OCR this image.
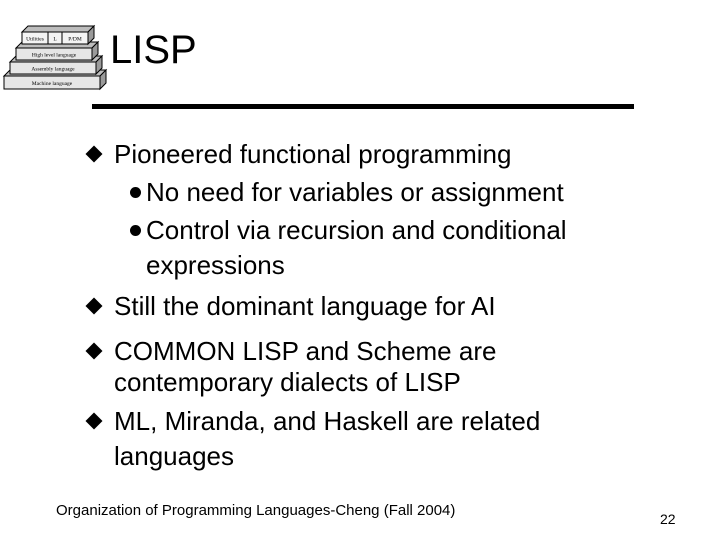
Utilities L P/DM
High level language
Assembly language
Machine language
LISP
Pioneered functional programming
No need for variables or assignment
Control via recursion and conditional
expressions
Still the dominant language for AI
COMMON LISP and Scheme are
contemporary dialects of LISP
ML, Miranda, and Haskell are related
languages
Organization of Programming Languages-Cheng (Fall 2004)	22
